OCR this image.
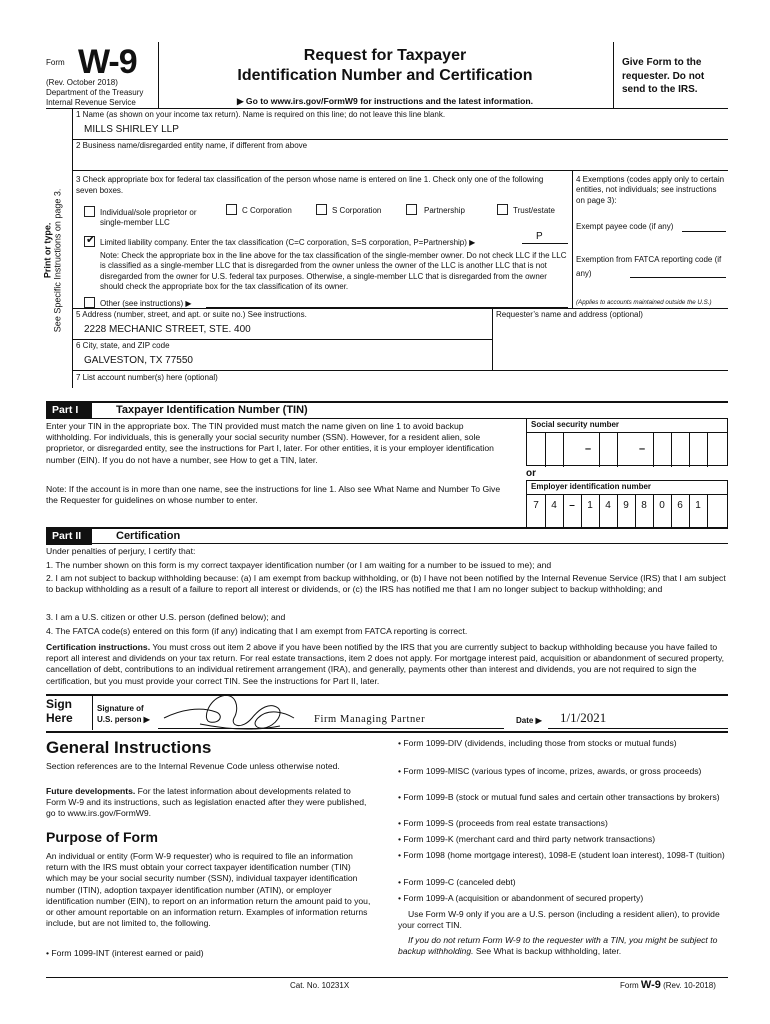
Form W-9
(Rev. October 2018)
Department of the Treasury
Internal Revenue Service
Request for Taxpayer
Identification Number and Certification
▶ Go to www.irs.gov/FormW9 for instructions and the latest information.
Give Form to the requester. Do not send to the IRS.
Print or type. See Specific Instructions on page 3.
1 Name (as shown on your income tax return). Name is required on this line; do not leave this line blank.
MILLS SHIRLEY LLP
2 Business name/disregarded entity name, if different from above
3 Check appropriate box for federal tax classification of the person whose name is entered on line 1. Check only one of the following seven boxes.
Individual/sole proprietor or single-member LLC
C Corporation	S Corporation	Partnership	Trust/estate
✔
Limited liability company. Enter the tax classification (C=C corporation, S=S corporation, P=Partnership) ▶
P
Note: Check the appropriate box in the line above for the tax classification of the single-member owner. Do not check LLC if the LLC is classified as a single-member LLC that is disregarded from the owner unless the owner of the LLC is another LLC that is not disregarded from the owner for U.S. federal tax purposes. Otherwise, a single-member LLC that is disregarded from the owner should check the appropriate box for the tax classification of its owner.
Other (see instructions) ▶
4 Exemptions (codes apply only to certain entities, not individuals; see instructions on page 3):
Exempt payee code (if any)
Exemption from FATCA reporting code (if any)
(Applies to accounts maintained outside the U.S.)
5 Address (number, street, and apt. or suite no.) See instructions.
2228 MECHANIC STREET, STE. 400
Requester’s name and address (optional)
6 City, state, and ZIP code
GALVESTON, TX 77550
7 List account number(s) here (optional)
Part I	Taxpayer Identification Number (TIN)
Enter your TIN in the appropriate box. The TIN provided must match the name given on line 1 to avoid backup withholding. For individuals, this is generally your social security number (SSN). However, for a resident alien, sole proprietor, or disregarded entity, see the instructions for Part I, later. For other entities, it is your employer identification number (EIN). If you do not have a number, see How to get a TIN, later.
Note: If the account is in more than one name, see the instructions for line 1. Also see What Name and Number To Give the Requester for guidelines on whose number to enter.
Social security number
–	–
or
Employer identification number
7	4	–	1	4	9	8	0	6	1
Part II	Certification
Under penalties of perjury, I certify that:
1. The number shown on this form is my correct taxpayer identification number (or I am waiting for a number to be issued to me); and
2. I am not subject to backup withholding because: (a) I am exempt from backup withholding, or (b) I have not been notified by the Internal Revenue Service (IRS) that I am subject to backup withholding as a result of a failure to report all interest or dividends, or (c) the IRS has notified me that I am no longer subject to backup withholding; and
3. I am a U.S. citizen or other U.S. person (defined below); and
4. The FATCA code(s) entered on this form (if any) indicating that I am exempt from FATCA reporting is correct.
Certification instructions. You must cross out item 2 above if you have been notified by the IRS that you are currently subject to backup withholding because you have failed to report all interest and dividends on your tax return. For real estate transactions, item 2 does not apply. For mortgage interest paid, acquisition or abandonment of secured property, cancellation of debt, contributions to an individual retirement arrangement (IRA), and generally, payments other than interest and dividends, you are not required to sign the certification, but you must provide your correct TIN. See the instructions for Part II, later.
Sign
Here
Signature of
U.S. person ▶	Firm Managing Partner	Date ▶ 1/1/2021
General Instructions
Section references are to the Internal Revenue Code unless otherwise noted.
Future developments. For the latest information about developments related to Form W-9 and its instructions, such as legislation enacted after they were published, go to www.irs.gov/FormW9.
Purpose of Form
An individual or entity (Form W-9 requester) who is required to file an information return with the IRS must obtain your correct taxpayer identification number (TIN) which may be your social security number (SSN), individual taxpayer identification number (ITIN), adoption taxpayer identification number (ATIN), or employer identification number (EIN), to report on an information return the amount paid to you, or other amount reportable on an information return. Examples of information returns include, but are not limited to, the following.
• Form 1099-INT (interest earned or paid)
• Form 1099-DIV (dividends, including those from stocks or mutual funds)
• Form 1099-MISC (various types of income, prizes, awards, or gross proceeds)
• Form 1099-B (stock or mutual fund sales and certain other transactions by brokers)
• Form 1099-S (proceeds from real estate transactions)
• Form 1099-K (merchant card and third party network transactions)
• Form 1098 (home mortgage interest), 1098-E (student loan interest), 1098-T (tuition)
• Form 1099-C (canceled debt)
• Form 1099-A (acquisition or abandonment of secured property)
Use Form W-9 only if you are a U.S. person (including a resident alien), to provide your correct TIN.
If you do not return Form W-9 to the requester with a TIN, you might be subject to backup withholding. See What is backup withholding, later.
Cat. No. 10231X	Form W-9 (Rev. 10-2018)
